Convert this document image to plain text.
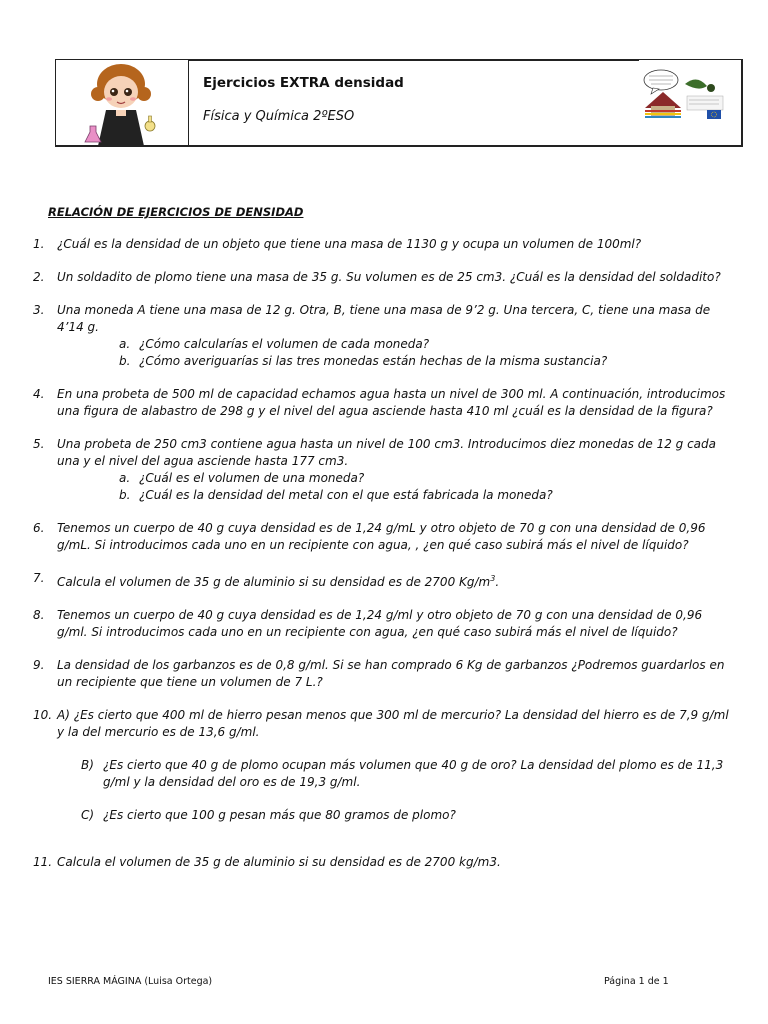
Ejercicios EXTRA densidad
Física y Química 2ºESO
RELACIÓN DE EJERCICIOS DE DENSIDAD
1. ¿Cuál es la densidad de un objeto que tiene una masa de 1130 g y ocupa un volumen de 100ml?
2. Un soldadito de plomo tiene una masa de 35 g. Su volumen es de 25 cm3. ¿Cuál es la densidad del soldadito?
3. Una moneda A tiene una masa de 12 g. Otra, B, tiene una masa de 9’2 g. Una tercera, C, tiene una masa de 4’14 g.
a. ¿Cómo calcularías el volumen de cada moneda?
b. ¿Cómo averiguarías si las tres monedas están hechas de la misma sustancia?
4. En una probeta de 500 ml de capacidad echamos agua hasta un nivel de 300 ml. A continuación, introducimos una figura de alabastro de 298 g y el nivel del agua asciende hasta 410 ml ¿cuál es la densidad de la figura?
5. Una probeta de 250 cm3 contiene agua hasta un nivel de 100 cm3. Introducimos diez monedas de 12 g cada una y el nivel del agua asciende hasta 177 cm3.
a. ¿Cuál es el volumen de una moneda?
b. ¿Cuál es la densidad del metal con el que está fabricada la moneda?
6. Tenemos un cuerpo de 40 g cuya densidad es de 1,24 g/mL y otro objeto de 70 g con una densidad de 0,96 g/mL. Si introducimos cada uno en un recipiente con agua, , ¿en qué caso subirá más el nivel de líquido?
7. Calcula el volumen de 35 g de aluminio si su densidad es de 2700 $Kg/m^3$.
8. Tenemos un cuerpo de 40 g cuya densidad es de 1,24 g/ml y otro objeto de 70 g con una densidad de 0,96 g/ml. Si introducimos cada uno en un recipiente con agua, ¿en qué caso subirá más el nivel de líquido?
9. La densidad de los garbanzos es de 0,8 g/ml. Si se han comprado 6 Kg de garbanzos ¿Podremos guardarlos en un recipiente que tiene un volumen de 7 L.?
10. A) ¿Es cierto que 400 ml de hierro pesan menos que 300 ml de mercurio? La densidad del hierro es de 7,9 g/ml y la del mercurio es de 13,6 g/ml.
B) ¿Es cierto que 40 g de plomo ocupan más volumen que 40 g de oro? La densidad del plomo es de 11,3 g/ml y la densidad del oro es de 19,3 g/ml.
C) ¿Es cierto que 100 g pesan más que 80 gramos de plomo?
11. Calcula el volumen de 35 g de aluminio si su densidad es de 2700 kg/m3.
IES SIERRA MÁGINA (Luisa Ortega)	Página 1 de 1
